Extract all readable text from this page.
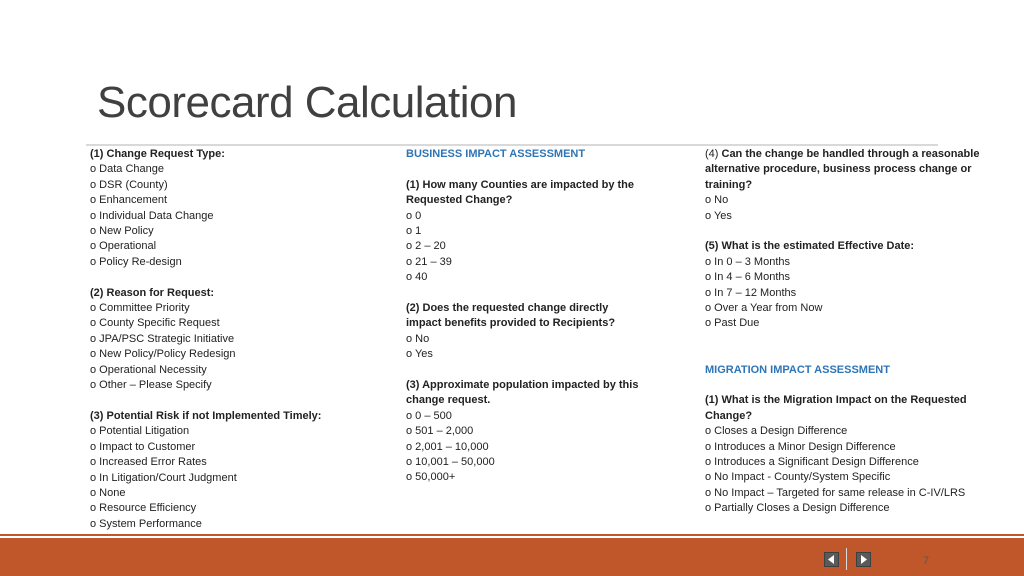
Scorecard Calculation
(1) Change Request Type:
o Data Change
o DSR (County)
o Enhancement
o Individual Data Change
o New Policy
o Operational
o Policy Re-design
(2) Reason for Request:
o Committee Priority
o County Specific Request
o JPA/PSC Strategic Initiative
o New Policy/Policy Redesign
o Operational Necessity
o Other – Please Specify
(3) Potential Risk if not Implemented Timely:
o Potential Litigation
o Impact to Customer
o Increased Error Rates
o In Litigation/Court Judgment
o None
o Resource Efficiency
o System Performance
BUSINESS IMPACT ASSESSMENT
(1) How many Counties are impacted by the Requested Change?
o 0
o 1
o 2 – 20
o 21 – 39
o 40
(2) Does the requested change directly impact benefits provided to Recipients?
o No
o Yes
(3) Approximate population impacted by this change request.
o 0 – 500
o 501 – 2,000
o 2,001 – 10,000
o 10,001 – 50,000
o 50,000+
(4) Can the change be handled through a reasonable alternative procedure, business process change or training?
o No
o Yes
(5) What is the estimated Effective Date:
o In 0 – 3 Months
o In 4 – 6 Months
o In 7 – 12 Months
o Over a Year from Now
o Past Due
MIGRATION IMPACT ASSESSMENT
(1) What is the Migration Impact on the Requested Change?
o Closes a Design Difference
o Introduces a Minor Design Difference
o Introduces a Significant Design Difference
o No Impact - County/System Specific
o No Impact – Targeted for same release in C-IV/LRS
o Partially Closes a Design Difference
7
